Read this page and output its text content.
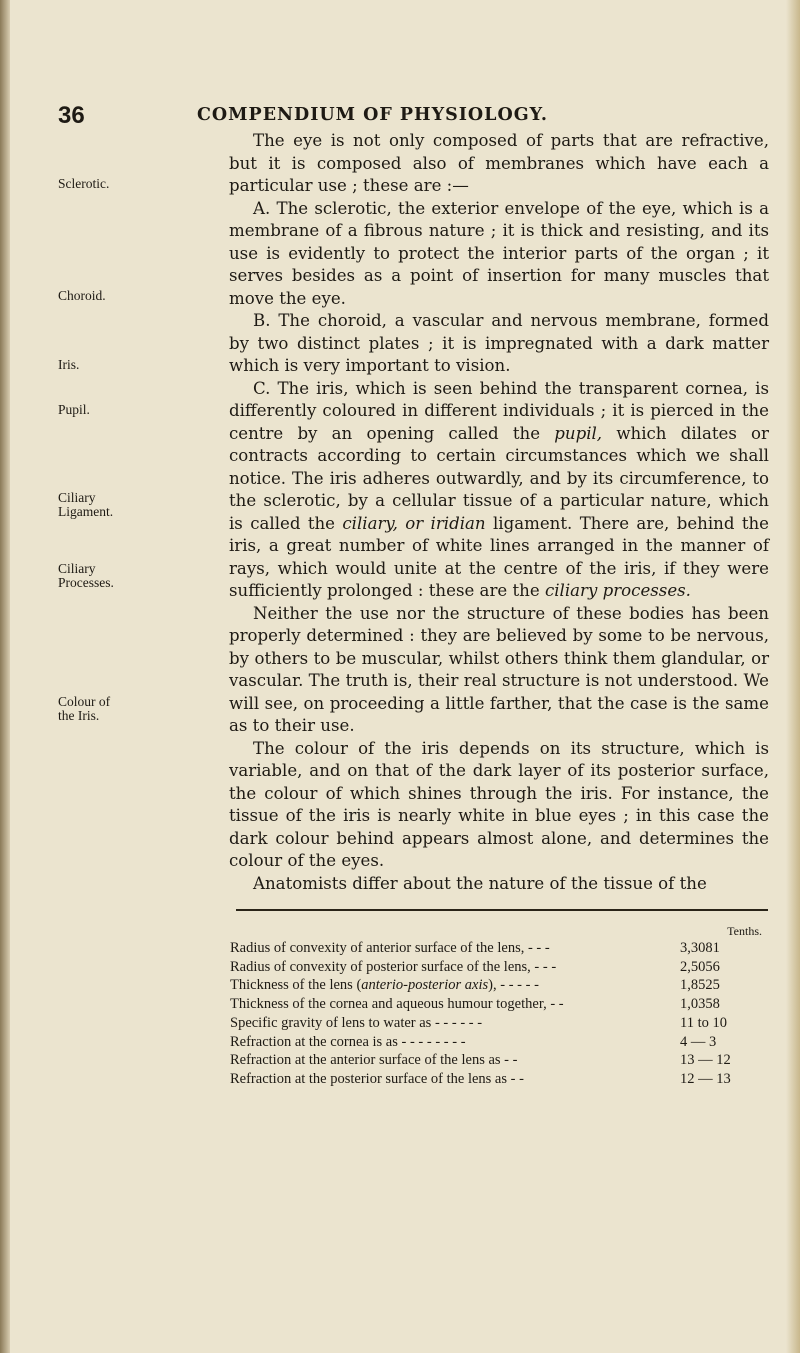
36	COMPENDIUM OF PHYSIOLOGY.
Sclerotic.
Choroid.
Iris.
Pupil.
Ciliary Ligament.
Ciliary Processes.
Colour of the Iris.

The eye is not only composed of parts that are refractive, but it is composed also of membranes which have each a particular use ; these are :—

A. The sclerotic, the exterior envelope of the eye, which is a membrane of a fibrous nature ; it is thick and resisting, and its use is evidently to protect the interior parts of the organ ; it serves besides as a point of insertion for many muscles that move the eye.

B. The choroid, a vascular and nervous membrane, formed by two distinct plates ; it is impregnated with a dark matter which is very important to vision.

C. The iris, which is seen behind the transparent cornea, is differently coloured in different individuals ; it is pierced in the centre by an opening called the pupil, which dilates or contracts according to certain circumstances which we shall notice. The iris adheres outwardly, and by its circumference, to the sclerotic, by a cellular tissue of a particular nature, which is called the ciliary, or iridian ligament. There are, behind the iris, a great number of white lines arranged in the manner of rays, which would unite at the centre of the iris, if they were sufficiently prolonged : these are the ciliary processes.

Neither the use nor the structure of these bodies has been properly determined : they are believed by some to be nervous, by others to be muscular, whilst others think them glandular, or vascular. The truth is, their real structure is not understood. We will see, on proceeding a little farther, that the case is the same as to their use.

The colour of the iris depends on its structure, which is variable, and on that of the dark layer of its posterior surface, the colour of which shines through the iris. For instance, the tissue of the iris is nearly white in blue eyes ; in this case the dark colour behind appears almost alone, and determines the colour of the eyes.

Anatomists differ about the nature of the tissue of the

Tenths.
Radius of convexity of anterior surface of the lens, - - -	3,3081
Radius of convexity of posterior surface of the lens, - - -	2,5056
Thickness of the lens (anterio-posterior axis), - - - - -	1,8525
Thickness of the cornea and aqueous humour together, - -	1,0358
Specific gravity of lens to water as - - - - - -	11 to 10
Refraction at the cornea is as - - - - - - - -	4 — 3
Refraction at the anterior surface of the lens as - -	13 — 12
Refraction at the posterior surface of the lens as - -	12 — 13
